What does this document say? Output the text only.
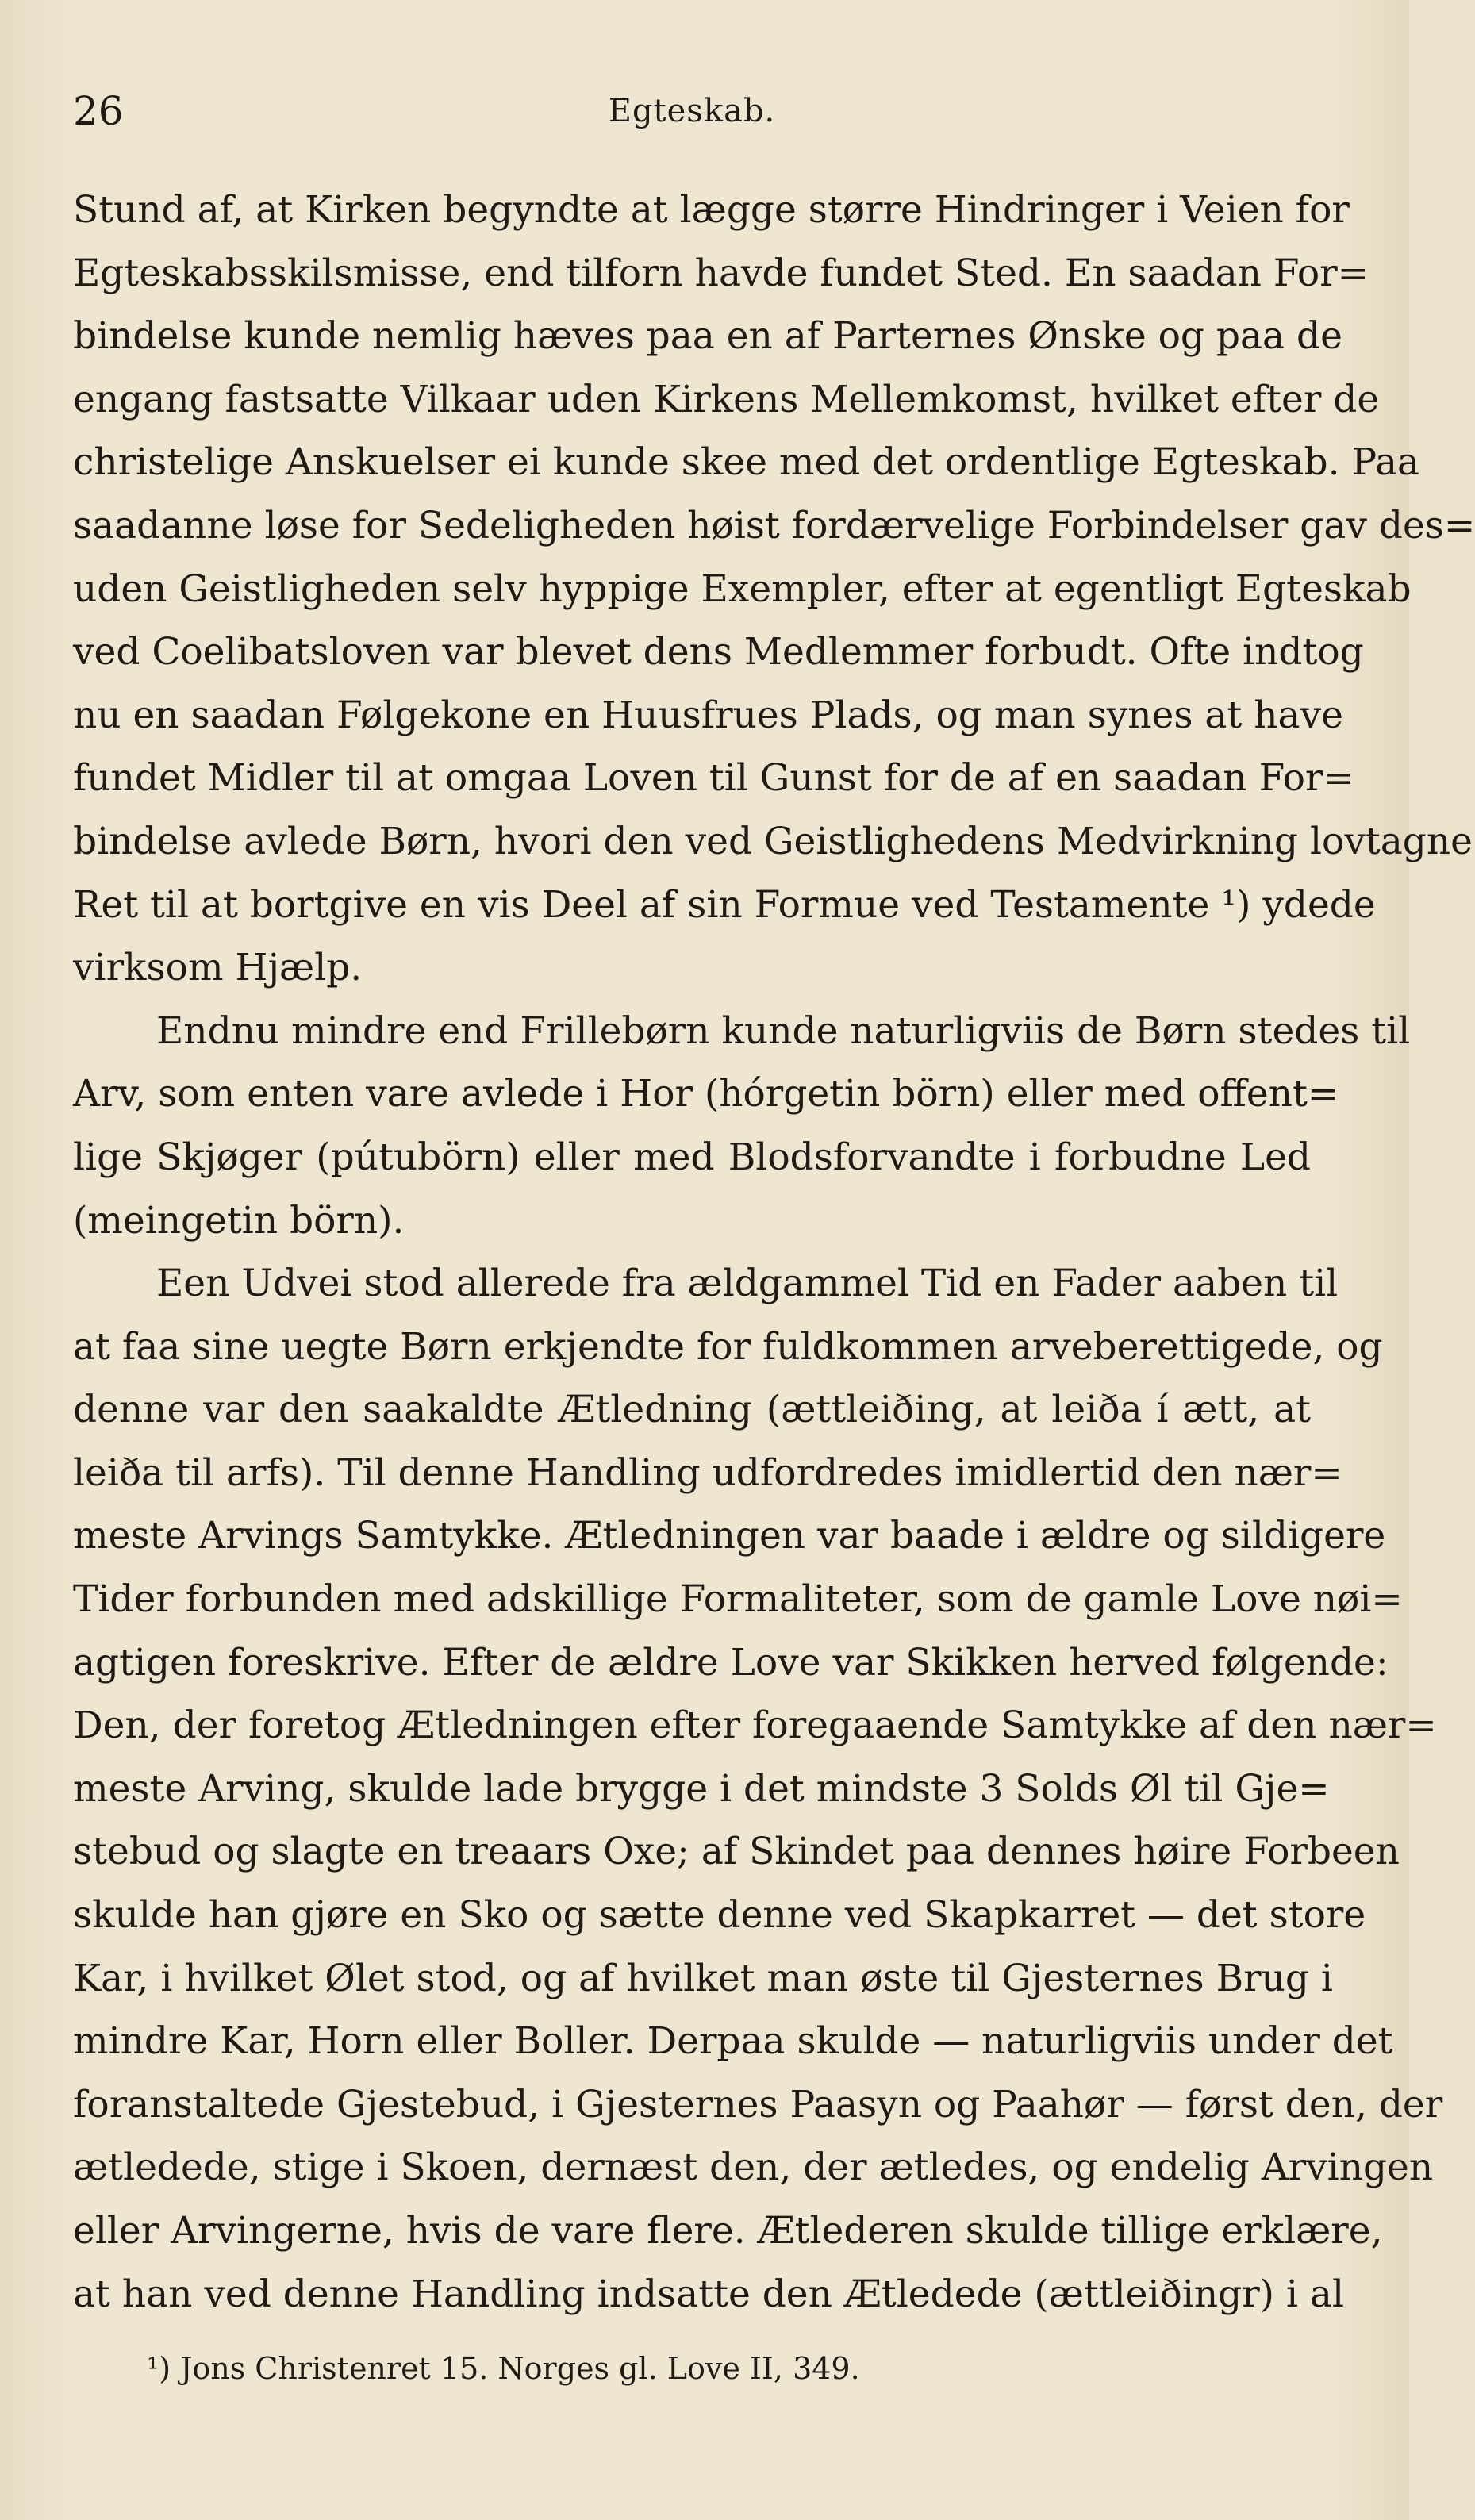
26	Egteskab.
Stund af, at Kirken begyndte at lægge større Hindringer i Veien for
Egteskabsskilsmisse, end tilforn havde fundet Sted. En saadan For=
bindelse kunde nemlig hæves paa en af Parternes Ønske og paa de
engang fastsatte Vilkaar uden Kirkens Mellemkomst, hvilket efter de
christelige Anskuelser ei kunde skee med det ordentlige Egteskab. Paa
saadanne løse for Sedeligheden høist fordærvelige Forbindelser gav des=
uden Geistligheden selv hyppige Exempler, efter at egentligt Egteskab
ved Coelibatsloven var blevet dens Medlemmer forbudt. Ofte indtog
nu en saadan Følgekone en Huusfrues Plads, og man synes at have
fundet Midler til at omgaa Loven til Gunst for de af en saadan For=
bindelse avlede Børn, hvori den ved Geistlighedens Medvirkning lovtagne
Ret til at bortgive en vis Deel af sin Formue ved Testamente ¹) ydede
virksom Hjælp.
Endnu mindre end Frillebørn kunde naturligviis de Børn stedes til
Arv, som enten vare avlede i Hor (hórgetin börn) eller med offent=
lige Skjøger (pútubörn) eller med Blodsforvandte i forbudne Led
(meingetin börn).
Een Udvei stod allerede fra ældgammel Tid en Fader aaben til
at faa sine uegte Børn erkjendte for fuldkommen arveberettigede, og
denne var den saakaldte Ætledning (ættleiðing, at leiða í ætt, at
leiða til arfs). Til denne Handling udfordredes imidlertid den nær=
meste Arvings Samtykke. Ætledningen var baade i ældre og sildigere
Tider forbunden med adskillige Formaliteter, som de gamle Love nøi=
agtigen foreskrive. Efter de ældre Love var Skikken herved følgende:
Den, der foretog Ætledningen efter foregaaende Samtykke af den nær=
meste Arving, skulde lade brygge i det mindste 3 Solds Øl til Gje=
stebud og slagte en treaars Oxe; af Skindet paa dennes høire Forbeen
skulde han gjøre en Sko og sætte denne ved Skapkarret — det store
Kar, i hvilket Ølet stod, og af hvilket man øste til Gjesternes Brug i
mindre Kar, Horn eller Boller. Derpaa skulde — naturligviis under det
foranstaltede Gjestebud, i Gjesternes Paasyn og Paahør — først den, der
ætledede, stige i Skoen, dernæst den, der ætledes, og endelig Arvingen
eller Arvingerne, hvis de vare flere. Ætlederen skulde tillige erklære,
at han ved denne Handling indsatte den Ætledede (ættleiðingr) i al
¹) Jons Christenret 15. Norges gl. Love II, 349.
